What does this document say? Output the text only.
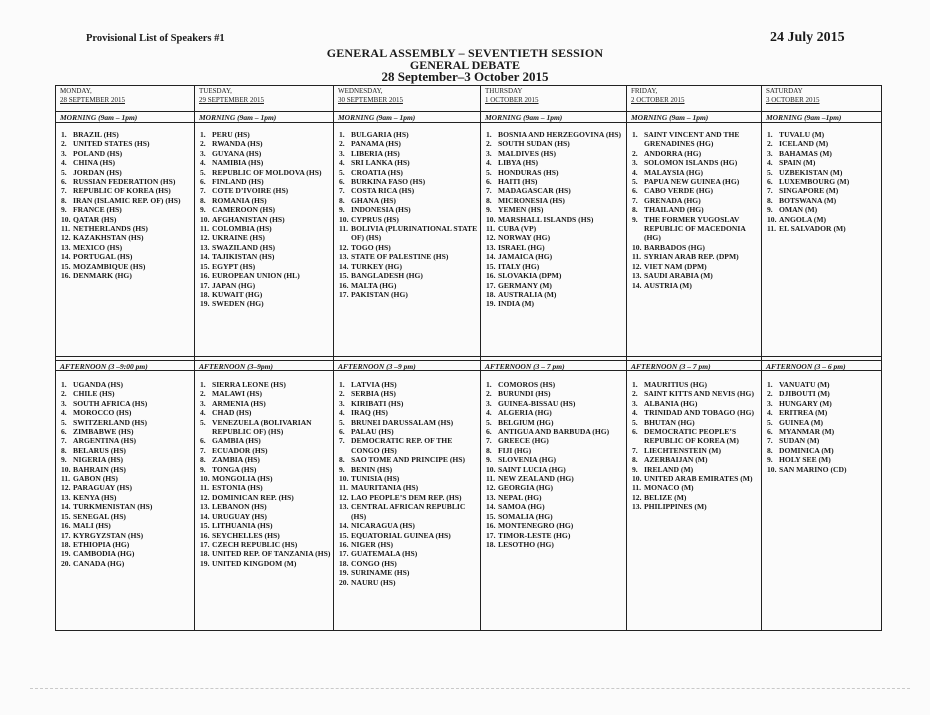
Provisional List of Speakers #1	24 July 2015
GENERAL ASSEMBLY – SEVENTIETH SESSION
GENERAL DEBATE
28 September–3 October 2015
MONDAY,
28 SEPTEMBER 2015
MORNING (9am – 1pm)
1. BRAZIL (HS)
2. UNITED STATES (HS)
3. POLAND (HS)
4. CHINA (HS)
5. JORDAN (HS)
6. RUSSIAN FEDERATION (HS)
7. REPUBLIC OF KOREA (HS)
8. IRAN (ISLAMIC REP. OF) (HS)
9. FRANCE (HS)
10. QATAR (HS)
11. NETHERLANDS (HS)
12. KAZAKHSTAN (HS)
13. MEXICO (HS)
14. PORTUGAL (HS)
15. MOZAMBIQUE (HS)
16. DENMARK (HG)
TUESDAY,
29 SEPTEMBER 2015
MORNING (9am – 1pm)
1. PERU (HS)
2. RWANDA (HS)
3. GUYANA (HS)
4. NAMIBIA (HS)
5. REPUBLIC OF MOLDOVA (HS)
6. FINLAND (HS)
7. COTE D’IVOIRE (HS)
8. ROMANIA (HS)
9. CAMEROON (HS)
10. AFGHANISTAN (HS)
11. COLOMBIA (HS)
12. UKRAINE (HS)
13. SWAZILAND (HS)
14. TAJIKISTAN (HS)
15. EGYPT (HS)
16. EUROPEAN UNION (HL)
17. JAPAN (HG)
18. KUWAIT (HG)
19. SWEDEN (HG)
WEDNESDAY,
30 SEPTEMBER 2015
MORNING (9am – 1pm)
1. BULGARIA (HS)
2. PANAMA (HS)
3. LIBERIA (HS)
4. SRI LANKA (HS)
5. CROATIA (HS)
6. BURKINA FASO (HS)
7. COSTA RICA (HS)
8. GHANA (HS)
9. INDONESIA (HS)
10. CYPRUS (HS)
11. BOLIVIA (PLURINATIONAL STATE OF) (HS)
12. TOGO (HS)
13. STATE OF PALESTINE (HS)
14. TURKEY (HG)
15. BANGLADESH (HG)
16. MALTA (HG)
17. PAKISTAN (HG)
THURSDAY
1 OCTOBER 2015
MORNING (9am – 1pm)
1. BOSNIA AND HERZEGOVINA (HS)
2. SOUTH SUDAN (HS)
3. MALDIVES (HS)
4. LIBYA (HS)
5. HONDURAS (HS)
6. HAITI (HS)
7. MADAGASCAR (HS)
8. MICRONESIA (HS)
9. YEMEN (HS)
10. MARSHALL ISLANDS (HS)
11. CUBA (VP)
12. NORWAY (HG)
13. ISRAEL (HG)
14. JAMAICA (HG)
15. ITALY (HG)
16. SLOVAKIA (DPM)
17. GERMANY (M)
18. AUSTRALIA (M)
19. INDIA (M)
FRIDAY,
2 OCTOBER 2015
MORNING (9am – 1pm)
1. SAINT VINCENT AND THE GRENADINES (HG)
2. ANDORRA (HG)
3. SOLOMON ISLANDS (HG)
4. MALAYSIA (HG)
5. PAPUA NEW GUINEA (HG)
6. CABO VERDE (HG)
7. GRENADA (HG)
8. THAILAND (HG)
9. THE FORMER YUGOSLAV REPUBLIC OF MACEDONIA (HG)
10. BARBADOS (HG)
11. SYRIAN ARAB REP. (DPM)
12. VIET NAM (DPM)
13. SAUDI ARABIA (M)
14. AUSTRIA (M)
SATURDAY
3 OCTOBER 2015
MORNING (9am –1pm)
1. TUVALU (M)
2. ICELAND (M)
3. BAHAMAS (M)
4. SPAIN (M)
5. UZBEKISTAN (M)
6. LUXEMBOURG (M)
7. SINGAPORE (M)
8. BOTSWANA (M)
9. OMAN (M)
10. ANGOLA (M)
11. EL SALVADOR (M)
AFTERNOON (3 –9:00 pm)
1. UGANDA (HS)
2. CHILE (HS)
3. SOUTH AFRICA (HS)
4. MOROCCO (HS)
5. SWITZERLAND (HS)
6. ZIMBABWE (HS)
7. ARGENTINA (HS)
8. BELARUS (HS)
9. NIGERIA (HS)
10. BAHRAIN (HS)
11. GABON (HS)
12. PARAGUAY (HS)
13. KENYA (HS)
14. TURKMENISTAN (HS)
15. SENEGAL (HS)
16. MALI (HS)
17. KYRGYZSTAN (HS)
18. ETHIOPIA (HG)
19. CAMBODIA (HG)
20. CANADA (HG)
AFTERNOON (3–9pm)
1. SIERRA LEONE (HS)
2. MALAWI (HS)
3. ARMENIA (HS)
4. CHAD (HS)
5. VENEZUELA (BOLIVARIAN REPUBLIC OF) (HS)
6. GAMBIA (HS)
7. ECUADOR (HS)
8. ZAMBIA (HS)
9. TONGA (HS)
10. MONGOLIA (HS)
11. ESTONIA (HS)
12. DOMINICAN REP. (HS)
13. LEBANON (HS)
14. URUGUAY (HS)
15. LITHUANIA (HS)
16. SEYCHELLES (HS)
17. CZECH REPUBLIC (HS)
18. UNITED REP. OF TANZANIA (HS)
19. UNITED KINGDOM (M)
AFTERNOON (3 –9 pm)
1. LATVIA (HS)
2. SERBIA (HS)
3. KIRIBATI (HS)
4. IRAQ (HS)
5. BRUNEI DARUSSALAM (HS)
6. PALAU (HS)
7. DEMOCRATIC REP. OF THE CONGO (HS)
8. SAO TOME AND PRINCIPE (HS)
9. BENIN (HS)
10. TUNISIA (HS)
11. MAURITANIA (HS)
12. LAO PEOPLE’S DEM REP. (HS)
13. CENTRAL AFRICAN REPUBLIC (HS)
14. NICARAGUA (HS)
15. EQUATORIAL GUINEA (HS)
16. NIGER (HS)
17. GUATEMALA (HS)
18. CONGO (HS)
19. SURINAME (HS)
20. NAURU (HS)
AFTERNOON (3 – 7 pm)
1. COMOROS (HS)
2. BURUNDI (HS)
3. GUINEA-BISSAU (HS)
4. ALGERIA (HG)
5. BELGIUM (HG)
6. ANTIGUA AND BARBUDA (HG)
7. GREECE (HG)
8. FIJI (HG)
9. SLOVENIA (HG)
10. SAINT LUCIA (HG)
11. NEW ZEALAND (HG)
12. GEORGIA (HG)
13. NEPAL (HG)
14. SAMOA (HG)
15. SOMALIA (HG)
16. MONTENEGRO (HG)
17. TIMOR-LESTE (HG)
18. LESOTHO (HG)
AFTERNOON (3 – 7 pm)
1. MAURITIUS (HG)
2. SAINT KITTS AND NEVIS (HG)
3. ALBANIA (HG)
4. TRINIDAD AND TOBAGO (HG)
5. BHUTAN (HG)
6. DEMOCRATIC PEOPLE’S REPUBLIC OF KOREA (M)
7. LIECHTENSTEIN (M)
8. AZERBAIJAN (M)
9. IRELAND (M)
10. UNITED ARAB EMIRATES (M)
11. MONACO (M)
12. BELIZE (M)
13. PHILIPPINES (M)
AFTERNOON (3 – 6 pm)
1. VANUATU (M)
2. DJIBOUTI (M)
3. HUNGARY (M)
4. ERITREA (M)
5. GUINEA (M)
6. MYANMAR (M)
7. SUDAN (M)
8. DOMINICA (M)
9. HOLY SEE (M)
10. SAN MARINO (CD)
